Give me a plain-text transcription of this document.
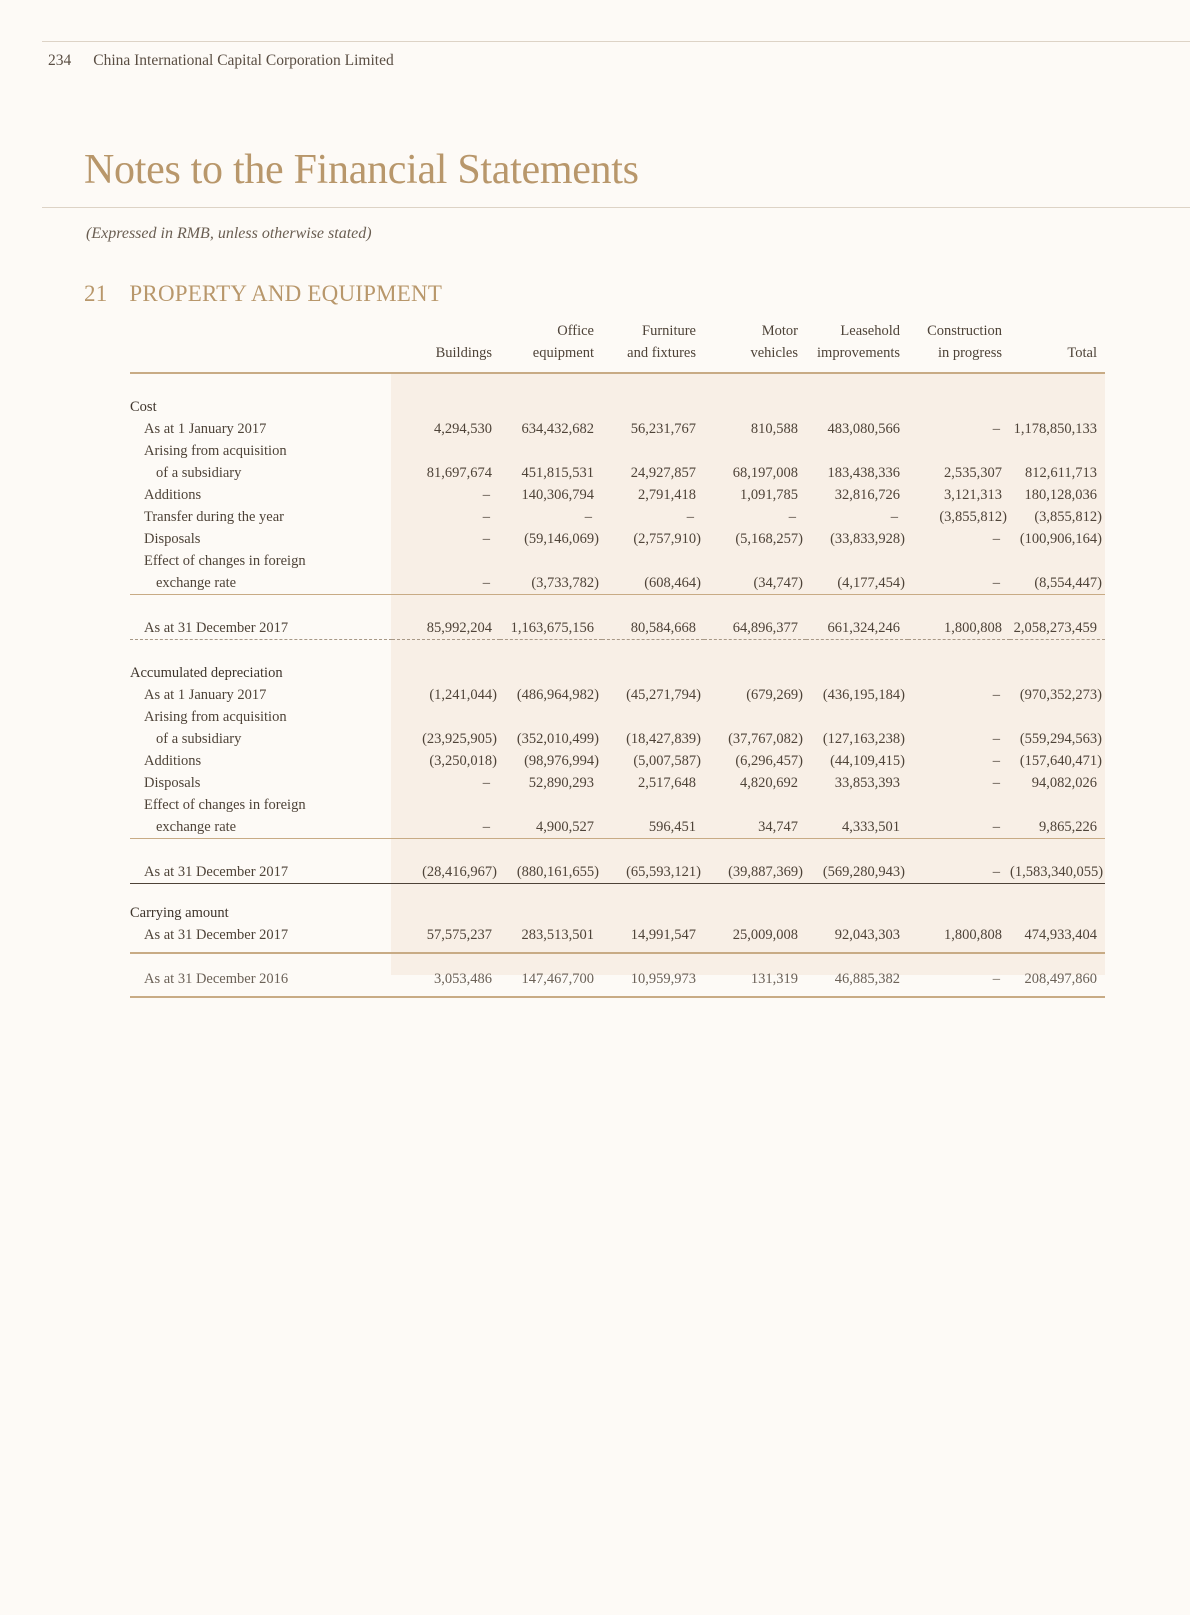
234 China International Capital Corporation Limited
Notes to the Financial Statements
(Expressed in RMB, unless otherwise stated)
21 PROPERTY AND EQUIPMENT
		Office	Furniture	Motor	Leasehold	Construction	
	Buildings	equipment	and fixtures	vehicles	improvements	in progress	Total

Cost							
As at 1 January 2017	4,294,530	634,432,682	56,231,767	810,588	483,080,566	–	1,178,850,133
Arising from acquisition							
of a subsidiary	81,697,674	451,815,531	24,927,857	68,197,008	183,438,336	2,535,307	812,611,713
Additions	–	140,306,794	2,791,418	1,091,785	32,816,726	3,121,313	180,128,036
Transfer during the year	–	–	–	–	–	(3,855,812)	(3,855,812)
Disposals	–	(59,146,069)	(2,757,910)	(5,168,257)	(33,833,928)	–	(100,906,164)
Effect of changes in foreign							
exchange rate	–	(3,733,782)	(608,464)	(34,747)	(4,177,454)	–	(8,554,447)

As at 31 December 2017	85,992,204	1,163,675,156	80,584,668	64,896,377	661,324,246	1,800,808	2,058,273,459

Accumulated depreciation							
As at 1 January 2017	(1,241,044)	(486,964,982)	(45,271,794)	(679,269)	(436,195,184)	–	(970,352,273)
Arising from acquisition							
of a subsidiary	(23,925,905)	(352,010,499)	(18,427,839)	(37,767,082)	(127,163,238)	–	(559,294,563)
Additions	(3,250,018)	(98,976,994)	(5,007,587)	(6,296,457)	(44,109,415)	–	(157,640,471)
Disposals	–	52,890,293	2,517,648	4,820,692	33,853,393	–	94,082,026
Effect of changes in foreign							
exchange rate	–	4,900,527	596,451	34,747	4,333,501	–	9,865,226

As at 31 December 2017	(28,416,967)	(880,161,655)	(65,593,121)	(39,887,369)	(569,280,943)	–	(1,583,340,055)

Carrying amount							
As at 31 December 2017	57,575,237	283,513,501	14,991,547	25,009,008	92,043,303	1,800,808	474,933,404

As at 31 December 2016	3,053,486	147,467,700	10,959,973	131,319	46,885,382	–	208,497,860
